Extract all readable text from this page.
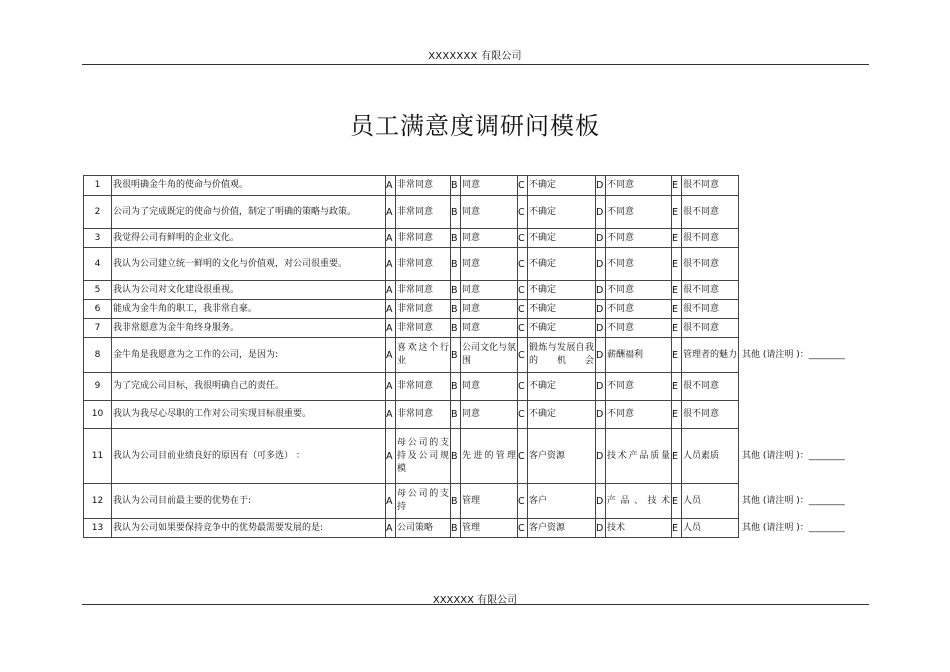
XXXXXXX 有限公司
员工满意度调研问模板
1	我很明确金牛角的使命与价值观。	A	非常同意	B	同意	C	不确定	D	不同意	E	很不同意	
2	公司为了完成既定的使命与价值，制定了明确的策略与政策。	A	非常同意	B	同意	C	不确定	D	不同意	E	很不同意	
3	我觉得公司有鲜明的企业文化。	A	非常同意	B	同意	C	不确定	D	不同意	E	很不同意	
4	我认为公司建立统一鲜明的文化与价值观，对公司很重要。	A	非常同意	B	同意	C	不确定	D	不同意	E	很不同意	
5	我认为公司对文化建设很重视。	A	非常同意	B	同意	C	不确定	D	不同意	E	很不同意	
6	能成为金牛角的职工，我非常自豪。	A	非常同意	B	同意	C	不确定	D	不同意	E	很不同意	
7	我非常愿意为金牛角终身服务。	A	非常同意	B	同意	C	不确定	D	不同意	E	很不同意	
8	金牛角是我愿意为之工作的公司，是因为:	A	喜欢这个行业	B	公司文化与氛围	C	锻炼与发展自我的机会	D	薪酬福利	E	管理者的魅力	其他 (请注明 )：________
9	为了完成公司目标，我很明确自己的责任。	A	非常同意	B	同意	C	不确定	D	不同意	E	很不同意	
10	我认为我尽心尽职的工作对公司实现目标很重要。	A	非常同意	B	同意	C	不确定	D	不同意	E	很不同意	
11	我认为公司目前业绩良好的原因有（可多选） ：	A	母公司的支持及公司规模	B	先进的管理	C	客户资源	D	技术产品质量	E	人员素质	其他 (请注明 )：________
12	我认为公司目前最主要的优势在于:	A	母公司的支持	B	管理	C	客户	D	产品、技术	E	人员	其他 (请注明 )：________
13	我认为公司如果要保持竞争中的优势最需要发展的是:	A	公司策略	B	管理	C	客户资源	D	技术	E	人员	其他 (请注明 )：________
XXXXXX 有限公司
